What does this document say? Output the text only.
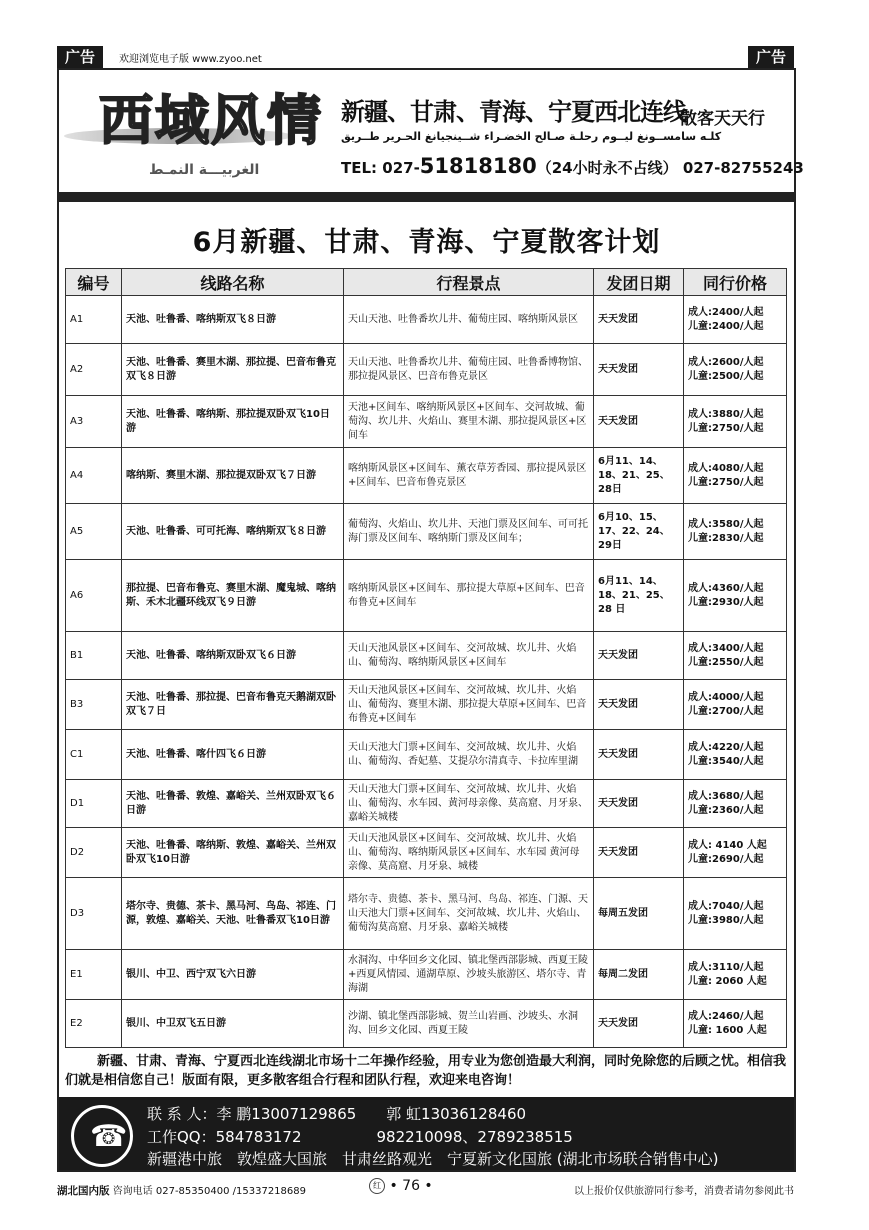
广告	欢迎浏览电子版 www.zyoo.net	广告
西域风情
الغربيـــة النمـط
新疆、甘肃、青海、宁夏西北连线
散客天天行
كلـه سامســونغ ليــوم رحلـة صـالح الخضـراء شــينجيانغ الحـرير طــريق
TEL: 027-51818180（24小时永不占线） 027-82755243
6月新疆、甘肃、青海、宁夏散客计划
编号	线路名称	行程景点	发团日期	同行价格
A1	天池、吐鲁番、喀纳斯双飞８日游	天山天池、吐鲁番坎儿井、葡萄庄园、喀纳斯风景区	天天发团	成人:2400/人起
儿童:2400/人起

A2	天池、吐鲁番、赛里木湖、那拉提、巴音布鲁克双飞８日游	天山天池、吐鲁番坎儿井、葡萄庄园、吐鲁番博物馆、那拉提风景区、巴音布鲁克景区	天天发团	成人:2600/人起
儿童:2500/人起

A3	天池、吐鲁番、喀纳斯、那拉提双卧双飞10日游	天池+区间车、喀纳斯风景区+区间车、交河故城、葡萄沟、坎儿井、火焰山、赛里木湖、那拉提风景区+区间车	天天发团	成人:3880/人起
儿童:2750/人起

A4	喀纳斯、赛里木湖、那拉提双卧双飞７日游	喀纳斯风景区+区间车、薰衣草芳香园、那拉提风景区+区间车、巴音布鲁克景区	6月11、14、18、21、25、28日	成人:4080/人起
儿童:2750/人起

A5	天池、吐鲁番、可可托海、喀纳斯双飞８日游	葡萄沟、火焰山、坎儿井、天池门票及区间车、可可托海门票及区间车、喀纳斯门票及区间车；	6月10、15、17、22、24、29日	成人:3580/人起
儿童:2830/人起

A6	那拉提、巴音布鲁克、赛里木湖、魔鬼城、喀纳斯、禾木北疆环线双飞９日游	喀纳斯风景区+区间车、那拉提大草原+区间车、巴音布鲁克+区间车	6月11、14、18、21、25、28 日	成人:4360/人起
儿童:2930/人起

B1	天池、吐鲁番、喀纳斯双卧双飞６日游	天山天池风景区+区间车、交河故城、坎儿井、火焰山、葡萄沟、喀纳斯风景区+区间车	天天发团	成人:3400/人起
儿童:2550/人起

B3	天池、吐鲁番、那拉提、巴音布鲁克天鹅湖双卧双飞７日	天山天池风景区+区间车、交河故城、坎儿井、火焰山、葡萄沟、赛里木湖、那拉提大草原+区间车、巴音布鲁克+区间车	天天发团	成人:4000/人起
儿童:2700/人起

C1	天池、吐鲁番、喀什四飞６日游	天山天池大门票+区间车、交河故城、坎儿井、火焰山、葡萄沟、香妃墓、艾提尕尔清真寺、卡拉库里湖	天天发团	成人:4220/人起
儿童:3540/人起

D1	天池、吐鲁番、敦煌、嘉峪关、兰州双卧双飞６日游	天山天池大门票+区间车、交河故城、坎儿井、火焰山、葡萄沟、水车园、黄河母亲像、莫高窟、月牙泉、嘉峪关城楼	天天发团	成人:3680/人起
儿童:2360/人起

D2	天池、吐鲁番、喀纳斯、敦煌、嘉峪关、兰州双卧双飞10日游	天山天池风景区+区间车、交河故城、坎儿井、火焰山、葡萄沟、喀纳斯风景区+区间车、水车园 黄河母亲像、莫高窟、月牙泉、城楼	天天发团	成人: 4140 人起
儿童:2690/人起

D3	塔尔寺、贵德、茶卡、黑马河、鸟岛、祁连、门源，敦煌、嘉峪关、天池、吐鲁番双飞10日游	塔尔寺、贵德、茶卡、黑马河、鸟岛、祁连、门源、天山天池大门票+区间车、交河故城、坎儿井、火焰山、葡萄沟莫高窟、月牙泉、嘉峪关城楼	每周五发团	成人:7040/人起
儿童:3980/人起

E1	银川、中卫、西宁双飞六日游	水洞沟、中华回乡文化园、镇北堡西部影城、西夏王陵+西夏风情园、通湖草原、沙坡头旅游区、塔尔寺、青海湖	每周二发团	成人:3110/人起
儿童: 2060 人起

E2	银川、中卫双飞五日游	沙湖、镇北堡西部影城、贺兰山岩画、沙坡头、水洞沟、回乡文化园、西夏王陵	天天发团	成人:2460/人起
儿童: 1600 人起
新疆、甘肃、青海、宁夏西北连线湖北市场十二年操作经验，用专业为您创造最大利润，同时免除您的后顾之忧。相信我们就是相信您自己！版面有限，更多散客组合行程和团队行程，欢迎来电咨询！
☎
联 系 人：李 鹏13007129865　　郭 虹13036128460
工作QQ：584783172　　　　　982210098、2789238515
新疆港中旅　敦煌盛大国旅　甘肃丝路观光　宁夏新文化国旅 (湖北市场联合销售中心)
湖北国内版 咨询电话 027-85350400 /15337218689
红 • 76 •	以上报价仅供旅游同行参考，消费者请勿参阅此书
